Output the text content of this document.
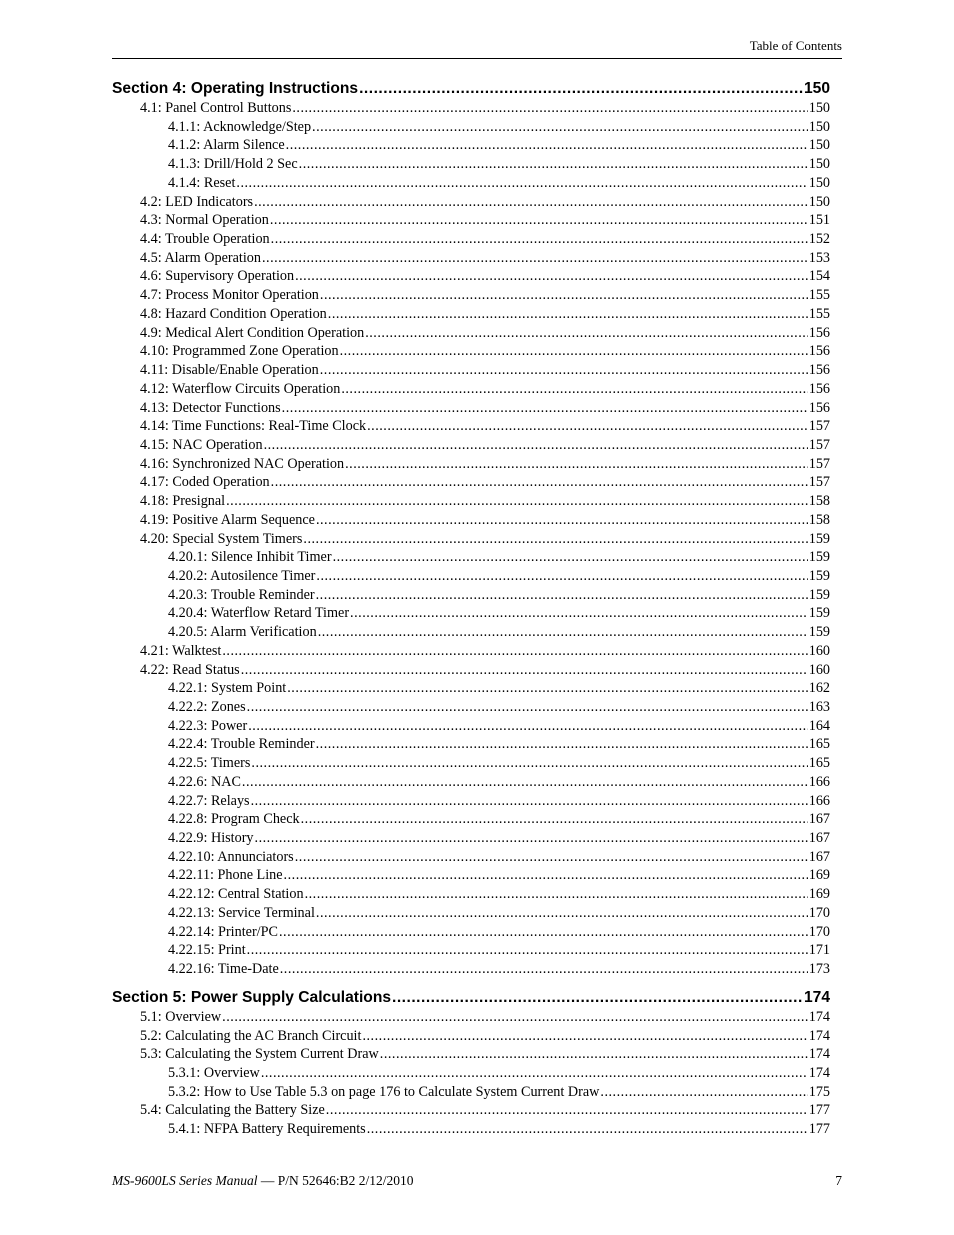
Table of Contents
Section 4: Operating Instructions .....	150
4.1: Panel Control Buttons .....	150
4.1.1: Acknowledge/Step .....	150
4.1.2: Alarm Silence .....	150
4.1.3: Drill/Hold 2 Sec .....	150
4.1.4: Reset .....	150
4.2: LED Indicators .....	150
4.3: Normal Operation .....	151
4.4: Trouble Operation .....	152
4.5: Alarm Operation .....	153
4.6: Supervisory Operation .....	154
4.7: Process Monitor Operation .....	155
4.8: Hazard Condition Operation .....	155
4.9: Medical Alert Condition Operation .....	156
4.10: Programmed Zone Operation .....	156
4.11: Disable/Enable Operation .....	156
4.12: Waterflow Circuits Operation .....	156
4.13: Detector Functions .....	156
4.14: Time Functions: Real-Time Clock .....	157
4.15: NAC Operation .....	157
4.16: Synchronized NAC Operation .....	157
4.17: Coded Operation .....	157
4.18: Presignal .....	158
4.19: Positive Alarm Sequence .....	158
4.20: Special System Timers .....	159
4.20.1: Silence Inhibit Timer .....	159
4.20.2: Autosilence Timer .....	159
4.20.3: Trouble Reminder .....	159
4.20.4: Waterflow Retard Timer .....	159
4.20.5: Alarm Verification .....	159
4.21: Walktest .....	160
4.22: Read Status .....	160
4.22.1: System Point .....	162
4.22.2: Zones .....	163
4.22.3: Power .....	164
4.22.4: Trouble Reminder .....	165
4.22.5: Timers .....	165
4.22.6: NAC .....	166
4.22.7: Relays .....	166
4.22.8: Program Check .....	167
4.22.9: History .....	167
4.22.10: Annunciators .....	167
4.22.11: Phone Line .....	169
4.22.12: Central Station .....	169
4.22.13: Service Terminal .....	170
4.22.14: Printer/PC .....	170
4.22.15: Print .....	171
4.22.16: Time-Date .....	173
Section 5: Power Supply Calculations .....	174
5.1: Overview .....	174
5.2: Calculating the AC Branch Circuit .....	174
5.3: Calculating the System Current Draw .....	174
5.3.1: Overview .....	174
5.3.2: How to Use Table 5.3 on page 176 to Calculate System Current Draw .....	175
5.4: Calculating the Battery Size .....	177
5.4.1: NFPA Battery Requirements .....	177
MS-9600LS Series Manual — P/N 52646:B2 2/12/2010	7
